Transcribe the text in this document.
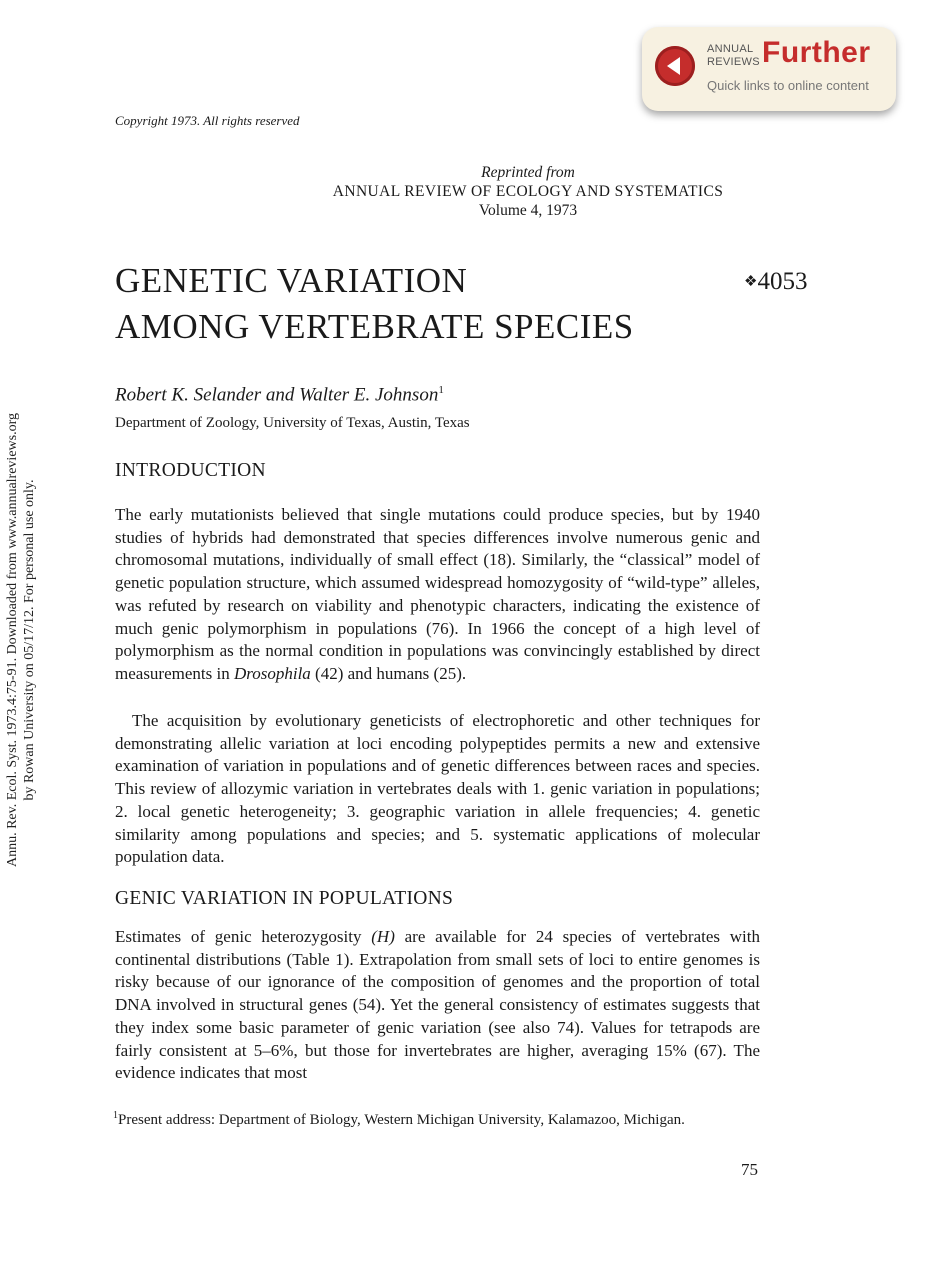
ANNUAL
REVIEWS Further
Quick links to online content
Annu. Rev. Ecol. Syst. 1973.4:75-91. Downloaded from www.annualreviews.org by Rowan University on 05/17/12. For personal use only.
Copyright 1973. All rights reserved
Reprinted from
ANNUAL REVIEW OF ECOLOGY AND SYSTEMATICS
Volume 4, 1973
GENETIC VARIATION
AMONG VERTEBRATE SPECIES
❖4053
Robert K. Selander and Walter E. Johnson$^1$
Department of Zoology, University of Texas, Austin, Texas
INTRODUCTION

The early mutationists believed that single mutations could produce species, but by 1940 studies of hybrids had demonstrated that species differences involve numerous genic and chromosomal mutations, individually of small effect (18). Similarly, the “classical” model of genetic population structure, which assumed widespread homozygosity of “wild-type” alleles, was refuted by research on viability and phenotypic characters, indicating the existence of much genic polymorphism in populations (76). In 1966 the concept of a high level of polymorphism as the normal condition in populations was convincingly established by direct measurements in Drosophila (42) and humans (25).

The acquisition by evolutionary geneticists of electrophoretic and other techniques for demonstrating allelic variation at loci encoding polypeptides permits a new and extensive examination of variation in populations and of genetic differences between races and species. This review of allozymic variation in vertebrates deals with 1. genic variation in populations; 2. local genetic heterogeneity; 3. geographic variation in allele frequencies; 4. genetic similarity among populations and species; and 5. systematic applications of molecular population data.

GENIC VARIATION IN POPULATIONS

Estimates of genic heterozygosity (H) are available for 24 species of vertebrates with continental distributions (Table 1). Extrapolation from small sets of loci to entire genomes is risky because of our ignorance of the composition of genomes and the proportion of total DNA involved in structural genes (54). Yet the general consistency of estimates suggests that they index some basic parameter of genic variation (see also 74). Values for tetrapods are fairly consistent at 5–6%, but those for invertebrates are higher, averaging 15% (67). The evidence indicates that most

$^1$Present address: Department of Biology, Western Michigan University, Kalamazoo, Michigan.
75
